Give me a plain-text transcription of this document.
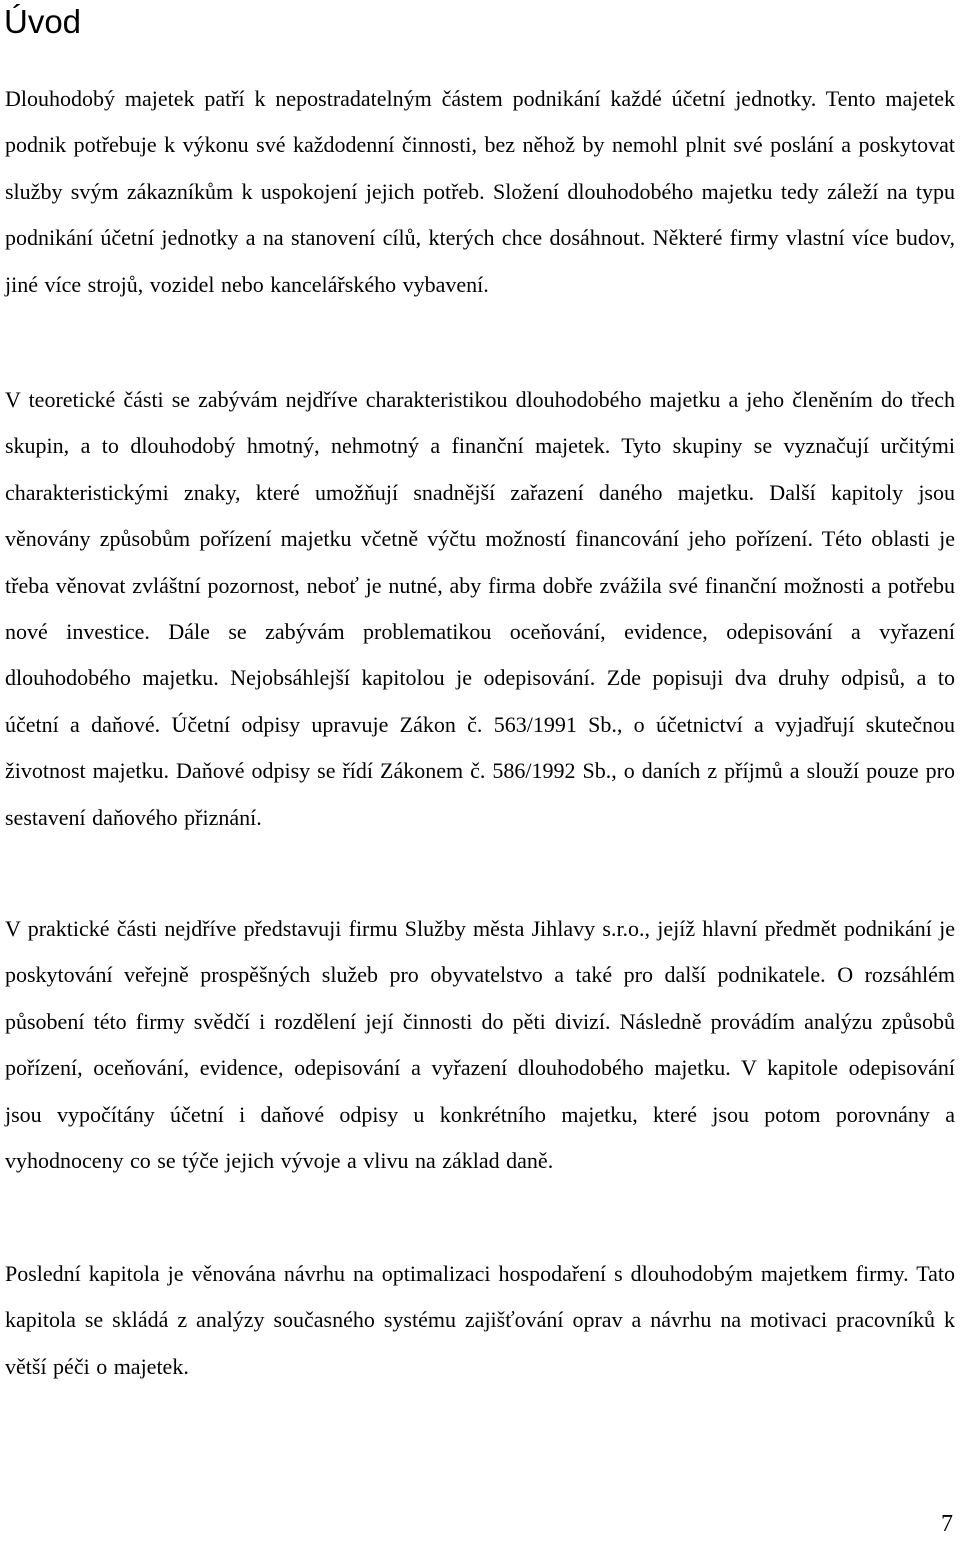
Úvod

Dlouhodobý majetek patří k nepostradatelným částem podnikání každé účetní jednotky. Tento majetek podnik potřebuje k výkonu své každodenní činnosti, bez něhož by nemohl plnit své poslání a poskytovat služby svým zákazníkům k uspokojení jejich potřeb. Složení dlouhodobého majetku tedy záleží na typu podnikání účetní jednotky a na stanovení cílů, kterých chce dosáhnout. Některé firmy vlastní více budov, jiné více strojů, vozidel nebo kancelářského vybavení.

V teoretické části se zabývám nejdříve charakteristikou dlouhodobého majetku a jeho členěním do třech skupin, a to dlouhodobý hmotný, nehmotný a finanční majetek. Tyto skupiny se vyznačují určitými charakteristickými znaky, které umožňují snadnější zařazení daného majetku. Další kapitoly jsou věnovány způsobům pořízení majetku včetně výčtu možností financování jeho pořízení. Této oblasti je třeba věnovat zvláštní pozornost, neboť je nutné, aby firma dobře zvážila své finanční možnosti a potřebu nové investice. Dále se zabývám problematikou oceňování, evidence, odepisování a vyřazení dlouhodobého majetku. Nejobsáhlejší kapitolou je odepisování. Zde popisuji dva druhy odpisů, a to účetní a daňové. Účetní odpisy upravuje Zákon č. 563/1991 Sb., o účetnictví a vyjadřují skutečnou životnost majetku. Daňové odpisy se řídí Zákonem č. 586/1992 Sb., o daních z příjmů a slouží pouze pro sestavení daňového přiznání.

V praktické části nejdříve představuji firmu Služby města Jihlavy s.r.o., jejíž hlavní předmět podnikání je poskytování veřejně prospěšných služeb pro obyvatelstvo a také pro další podnikatele. O rozsáhlém působení této firmy svědčí i rozdělení její činnosti do pěti divizí. Následně provádím analýzu způsobů pořízení, oceňování, evidence, odepisování a vyřazení dlouhodobého majetku. V kapitole odepisování jsou vypočítány účetní i daňové odpisy u konkrétního majetku, které jsou potom porovnány a vyhodnoceny co se týče jejich vývoje a vlivu na základ daně.

Poslední kapitola je věnována návrhu na optimalizaci hospodaření s dlouhodobým majetkem firmy. Tato kapitola se skládá z analýzy současného systému zajišťování oprav a návrhu na motivaci pracovníků k větší péči o majetek.

7
